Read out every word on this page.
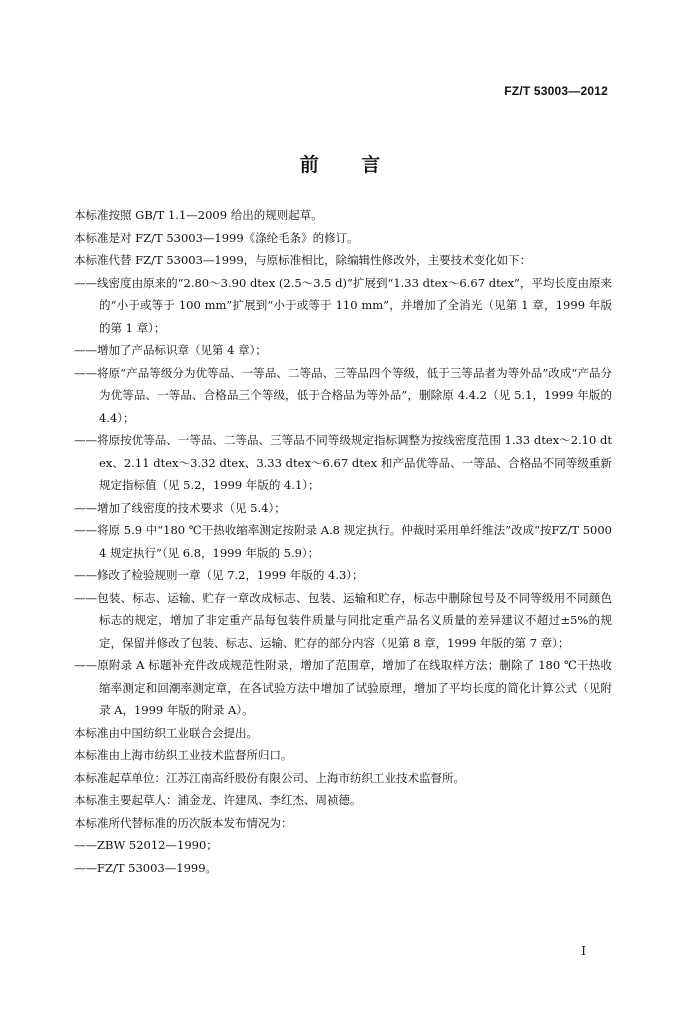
FZ/T 53003—2012
前 言

本标准按照 GB/T 1.1—2009 给出的规则起草。

本标准是对 FZ/T 53003—1999《涤纶毛条》的修订。

本标准代替 FZ/T 53003—1999，与原标准相比，除编辑性修改外，主要技术变化如下：

——线密度由原来的“2.80～3.90 dtex (2.5～3.5 d)”扩展到“1.33 dtex～6.67 dtex”，平均长度由原来的“小于或等于 100 mm”扩展到“小于或等于 110 mm”，并增加了全消光（见第 1 章，1999 年版的第 1 章）；

——增加了产品标识章（见第 4 章）；

——将原“产品等级分为优等品、一等品、二等品、三等品四个等级，低于三等品者为等外品”改成“产品分为优等品、一等品、合格品三个等级，低于合格品为等外品”，删除原 4.4.2（见 5.1，1999 年版的 4.4）；

——将原按优等品、一等品、二等品、三等品不同等级规定指标调整为按线密度范围 1.33 dtex～2.10 dtex、2.11 dtex～3.32 dtex、3.33 dtex～6.67 dtex 和产品优等品、一等品、合格品不同等级重新规定指标值（见 5.2，1999 年版的 4.1）；

——增加了线密度的技术要求（见 5.4）；

——将原 5.9 中“180 ℃干热收缩率测定按附录 A.8 规定执行。仲裁时采用单纤维法”改成“按FZ/T 50004 规定执行”（见 6.8，1999 年版的 5.9）；

——修改了检验规则一章（见 7.2，1999 年版的 4.3）；

——包装、标志、运输、贮存一章改成标志、包装、运输和贮存，标志中删除包号及不同等级用不同颜色标志的规定，增加了非定重产品每包装件质量与同批定重产品名义质量的差异建议不超过±5%的规定，保留并修改了包装、标志、运输、贮存的部分内容（见第 8 章，1999 年版的第 7 章）；

——原附录 A 标题补充件改成规范性附录，增加了范围章，增加了在线取样方法；删除了 180 ℃干热收缩率测定和回潮率测定章，在各试验方法中增加了试验原理，增加了平均长度的简化计算公式（见附录 A，1999 年版的附录 A）。

本标准由中国纺织工业联合会提出。

本标准由上海市纺织工业技术监督所归口。

本标准起草单位：江苏江南高纤股份有限公司、上海市纺织工业技术监督所。

本标准主要起草人：浦金龙、许建凤、李红杰、周祯德。

本标准所代替标准的历次版本发布情况为：

——ZBW 52012—1990；

——FZ/T 53003—1999。

I
